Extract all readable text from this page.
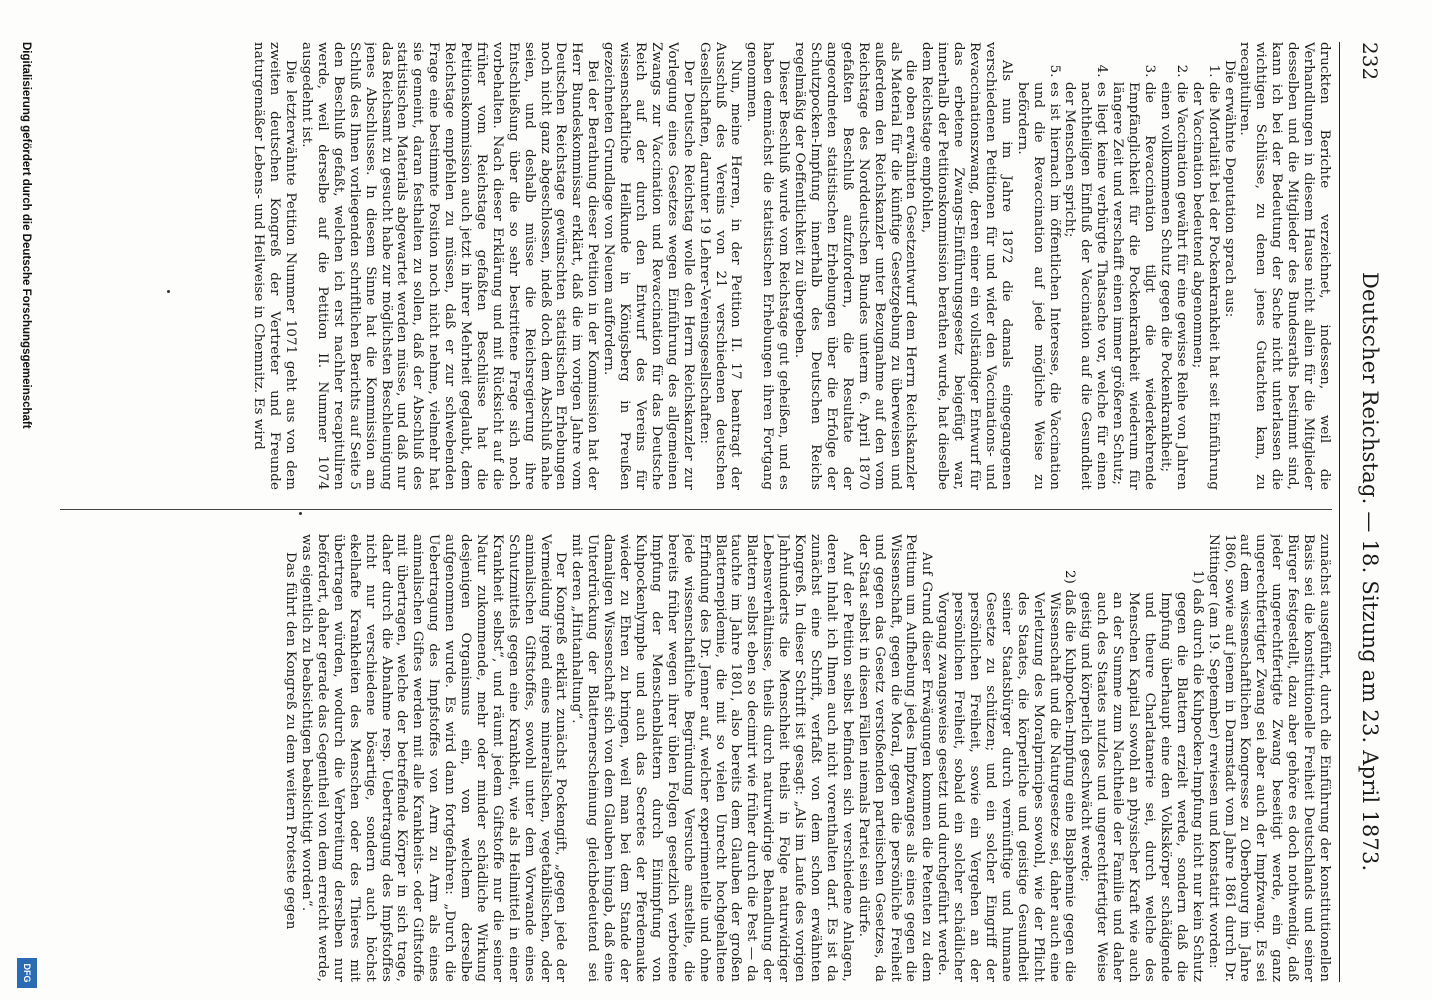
232
Deutscher Reichstag. — 18. Sitzung am 23. April 1873.

druckten Berichte verzeichnet, indessen, weil die Verhandlungen in diesem Hause nicht allein für die Mitglieder desselben und die Mitglieder des Bundesraths bestimmt sind, kann ich bei der Bedeutung der Sache nicht unterlassen die wichtigen Schlüsse, zu denen jenes Gutachten kam, zu recapituliren.

Die erwähnte Deputation sprach aus:

1. die Mortalität bei der Pockenkrankheit hat seit Einführung der Vaccination bedeutend abgenommen;
2. die Vaccination gewährt für eine gewisse Reihe von Jahren einen vollkommenen Schutz gegen die Pockenkrankheit;
3. die Revaccination tilgt die wiederkehrende Empfänglichkeit für die Pockenkrankheit wiederum für längere Zeit und verschafft einen immer größeren Schutz;
4. es liegt keine verbürgte Thatsache vor, welche für einen nachtheiligen Einfluß der Vaccination auf die Gesundheit der Menschen spricht;
5. es ist hiernach im öffentlichen Interesse, die Vaccination und die Revaccination auf jede mögliche Weise zu befördern.

Als nun im Jahre 1872 die damals eingegangenen verschiedenen Petitionen für und wider den Vaccinations- und Revaccinationszwang, deren einer ein vollständiger Entwurf für das erbetene Zwangs-Einführungsgesetz beigefügt war, innerhalb der Petitionskommission berathen wurde, hat dieselbe dem Reichstage empfohlen,

die oben erwähnten Gesetzentwurf dem Herrn Reichskanzler als Material für die künftige Gesetzgebung zu überweisen und außerdem den Reichskanzler unter Bezugnahme auf den vom Reichstage des Norddeutschen Bundes unterm 6. April 1870 gefaßten Beschluß aufzufordern, die Resultate der angeordneten statistischen Erhebungen über die Erfolge der Schutzpocken-Impfung innerhalb des Deutschen Reichs regelmäßig der Oeffentlichkeit zu übergeben.

Dieser Beschluß wurde vom Reichstage gut geheißen, und es haben demnächst die statistischen Erhebungen ihren Fortgang genommen.

Nun, meine Herren, in der Petition II. 17 beantragt der Ausschuß des Vereins von 21 verschiedenen deutschen Gesellschaften, darunter 19 Lehrer-Vereinsgesellschaften:

Der Deutsche Reichstag wolle den Herrn Reichskanzler zur Vorlegung eines Gesetzes wegen Einführung des allgemeinen Zwangs zur Vaccination und Revaccination für das Deutsche Reich auf der durch den Entwurf des Vereins für wissenschaftliche Heilkunde in Königsberg in Preußen gezeichneten Grundlage von Neuem auffordern.

Bei der Berathung dieser Petition in der Kommission hat der Herr Bundeskommissar erklärt, daß die im vorigen Jahre vom Deutschen Reichstage gewünschten statistischen Erhebungen noch nicht ganz abgeschlossen, indeß doch dem Abschluß nahe seien, und deshalb müsse die Reichsregierung ihre Entschließung über die so sehr bestrittene Frage sich noch vorbehalten. Nach dieser Erklärung und mit Rücksicht auf die früher vom Reichstage gefaßten Beschlüsse hat die Petitionskommission auch jetzt in ihrer Mehrheit geglaubt, dem Reichstage empfehlen zu müssen, daß er zur schwebenden Frage eine bestimmte Position noch nicht nehme, vielmehr hat sie gemeint, daran festhalten zu sollen, daß der Abschluß des statistischen Materials abgewartet werden müsse, und daß nur das Reichsamt zu gesucht habe zur möglichsten Beschleunigung jenes Abschlusses. In diesem Sinne hat die Kommission am Schluß des Ihnen vorliegenden schriftlichen Berichts auf Seite 5 den Beschluß gefaßt, welchen ich erst nachher recapituliren werde, weil derselbe auf die Petition II. Nummer 1074 ausgedehnt ist.

Die letzterwähnte Petition Nummer 1071 geht aus von dem zweiten deutschen Kongreß der Vertreter und Freunde naturgemäßer Lebens- und Heilweise in Chemnitz. Es wird

zunächst ausgeführt, durch die Einführung der konstitutionellen Basis sei die konstitutionelle Freiheit Deutschlands und seiner Bürger festgestellt, dazu aber gehöre es doch nothwendig, daß jeder ungerechtfertigte Zwang beseitigt werde, ein ganz ungerechtfertigter Zwang sei aber auch der Impfzwang. Es sei auf dem wissenschaftlichen Kongresse zu Oberbourg im Jahre 1860, sowie auf jenem in Darmstadt vom Jahre 1861 durch Dr. Nittinger (am 19. September) erwiesen und konstatirt worden:

1) daß durch die Kuhpocken-Impfung nicht nur kein Schutz gegen die Blattern erzielt werde, sondern daß die Impfung überhaupt eine den Volkskörper schädigende und theure Charlatanerie sei, durch welche des Menschen Kapital sowohl an physischer Kraft wie auch an der Summe zum Nachtheile der Familie und daher auch des Staates nutzlos und ungerechtfertigter Weise geistig und körperlich geschwächt werde;

2) daß die Kuhpocken-Impfung eine Blasphemie gegen die Wissenschaft und die Naturgesetze sei, daher auch eine Verletzung des Moralprincipes sowohl, wie der Pflicht des Staates, die körperliche und geistige Gesundheit seiner Staatsbürger durch vernünftige und humane Gesetze zu schützen; und ein solcher Eingriff der persönlichen Freiheit, sowie ein Vergehen an der persönlichen Freiheit, sobald ein solcher schädlicher Vorgang zwangsweise gesetzt und durchgeführt werde.

Auf Grund dieser Erwägungen kommen die Petenten zu dem Petitum um Aufhebung jedes Impfzwanges als eines gegen die Wissenschaft, gegen die Moral, gegen die persönliche Freiheit und gegen das Gesetz verstoßenden parteiischen Gesetzes, da der Staat selbst in diesen Fällen niemals Partei sein dürfe.

Auf der Petition selbst befinden sich verschiedene Anlagen, deren Inhalt ich Ihnen auch nicht vorenthalten darf. Es ist da zunächst eine Schrift, verfaßt von dem schon erwähnten Kongreß. In dieser Schrift ist gesagt: „Als im Laufe des vorigen Jahrhunderts die Menschheit theils in Folge naturwidriger Lebensverhältnisse, theils durch naturwidrige Behandlung der Blattern selbst eben so decimirt wie früher durch die Pest — da tauchte im Jahre 1801, also bereits dem Glauben der großen Blatternepidemie, die mit so vielen Unrecht hochgehaltene Erfindung des Dr. Jenner auf, welcher experimentelle und ohne jede wissenschaftliche Begründung Versuche anstellte, die bereits früher wegen ihrer üblen Folgen gesetzlich verbotene Impfung der Menschenblattern durch Einimpfung von Kuhpockenlymphe und auch das Secretes der Pferdemauke wieder zu Ehren zu bringen, weil man bei dem Stande der damaligen Wissenschaft sich von dem Glauben hingab, daß eine Unterdrückung der Blatternerscheinung gleichbedeutend sei mit deren „Hintanhaltung“.

Der Kongreß erklärt zunächst Pockengift, „gegen jede der Vermeidung irgend eines mineralischen, vegetabilischen, oder animalischen Giftstoffes, sowohl unter dem Vorwande eines Schutzmittels gegen eine Krankheit, wie als Heilmittel in einer Krankheit selbst“, und räumt jedem Giftstoffe nur die seiner Natur zukommende, mehr oder minder schädliche Wirkung desjenigen Organismus ein, von welchem derselbe aufgenommen wurde. Es wird dann fortgefahren: „Durch die Uebertragung des Impfstoffes von Arm zu Arm als eines animalischen Giftes werden mit alle Krankheits- oder Giftstoffe mit übertragen, welche der betreffende Körper in sich trage, daher durch die Abnahme resp. Uebertragung des Impfstoffes nicht nur verschiedene bösartige, sondern auch höchst ekelhafte Krankheiten des Menschen oder des Thieres mit übertragen würden, wodurch die Verbreitung derselben nur befördert, daher gerade das Gegentheil von dem erreicht werde, was eigentlich zu beabsichtigen beabsichtigt worden“.

Das führt den Kongreß zu dem weitern Proteste gegen

Digitalisierung gefördert durch die Deutsche Forschungsgemeinschaft
DFG
